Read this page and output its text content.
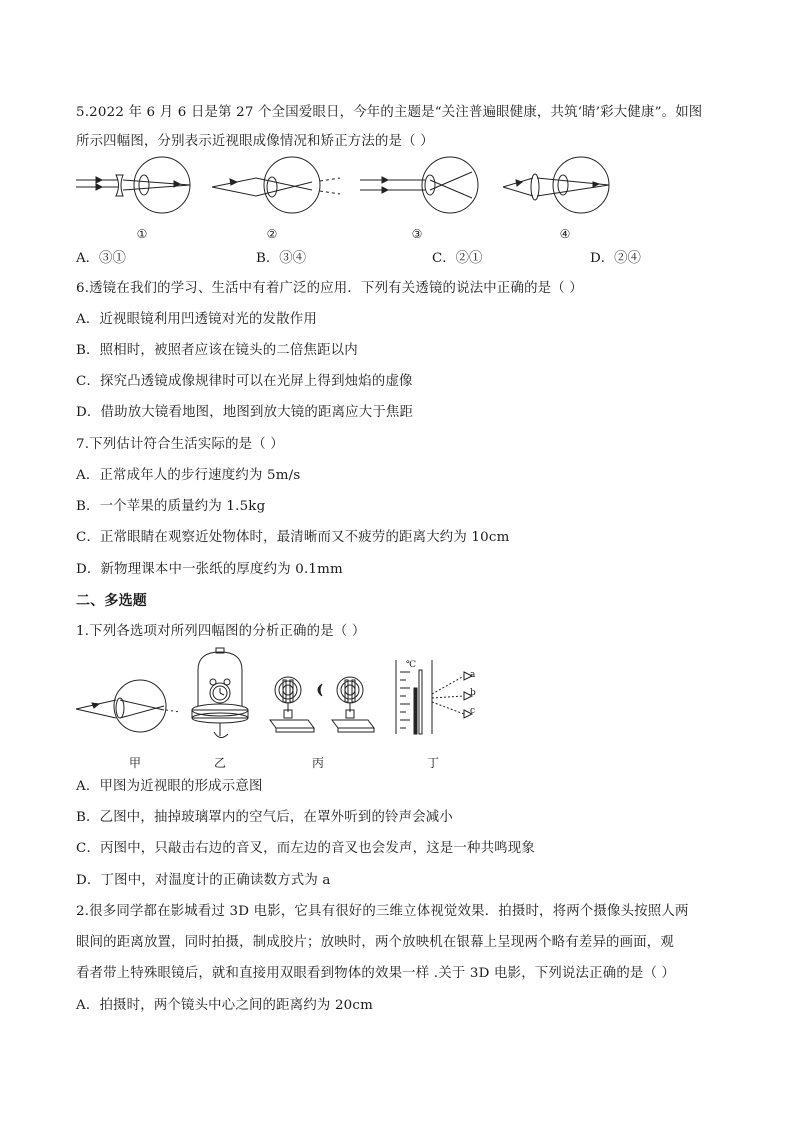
5.2022 年 6 月 6 日是第 27 个全国爱眼日，今年的主题是“关注普遍眼健康，共筑‘睛’彩大健康”。如图
所示四幅图，分别表示近视眼成像情况和矫正方法的是（ ）
①	②	③	④
A．③①	B．③④	C．②①	D．②④
6.透镜在我们的学习、生活中有着广泛的应用．下列有关透镜的说法中正确的是（ ）
A．近视眼镜利用凹透镜对光的发散作用
B．照相时，被照者应该在镜头的二倍焦距以内
C．探究凸透镜成像规律时可以在光屏上得到烛焰的虚像
D．借助放大镜看地图，地图到放大镜的距离应大于焦距
7.下列估计符合生活实际的是（ ）
A．正常成年人的步行速度约为 5m/s
B．一个苹果的质量约为 1.5kg
C．正常眼睛在观察近处物体时，最清晰而又不疲劳的距离大约为 10cm
D．新物理课本中一张纸的厚度约为 0.1mm
二、多选题
1.下列各选项对所列四幅图的分析正确的是（ ）
甲	乙	丙
℃
a
b
c
丁
A．甲图为近视眼的形成示意图
B．乙图中，抽掉玻璃罩内的空气后，在罩外听到的铃声会减小
C．丙图中，只敲击右边的音叉，而左边的音叉也会发声，这是一种共鸣现象
D．丁图中，对温度计的正确读数方式为 a
2.很多同学都在影城看过 3D 电影，它具有很好的三维立体视觉效果．拍摄时，将两个摄像头按照人两
眼间的距离放置，同时拍摄，制成胶片；放映时，两个放映机在银幕上呈现两个略有差异的画面，观
看者带上特殊眼镜后，就和直接用双眼看到物体的效果一样 .关于 3D 电影，下列说法正确的是（ ）
A．拍摄时，两个镜头中心之间的距离约为 20cm
